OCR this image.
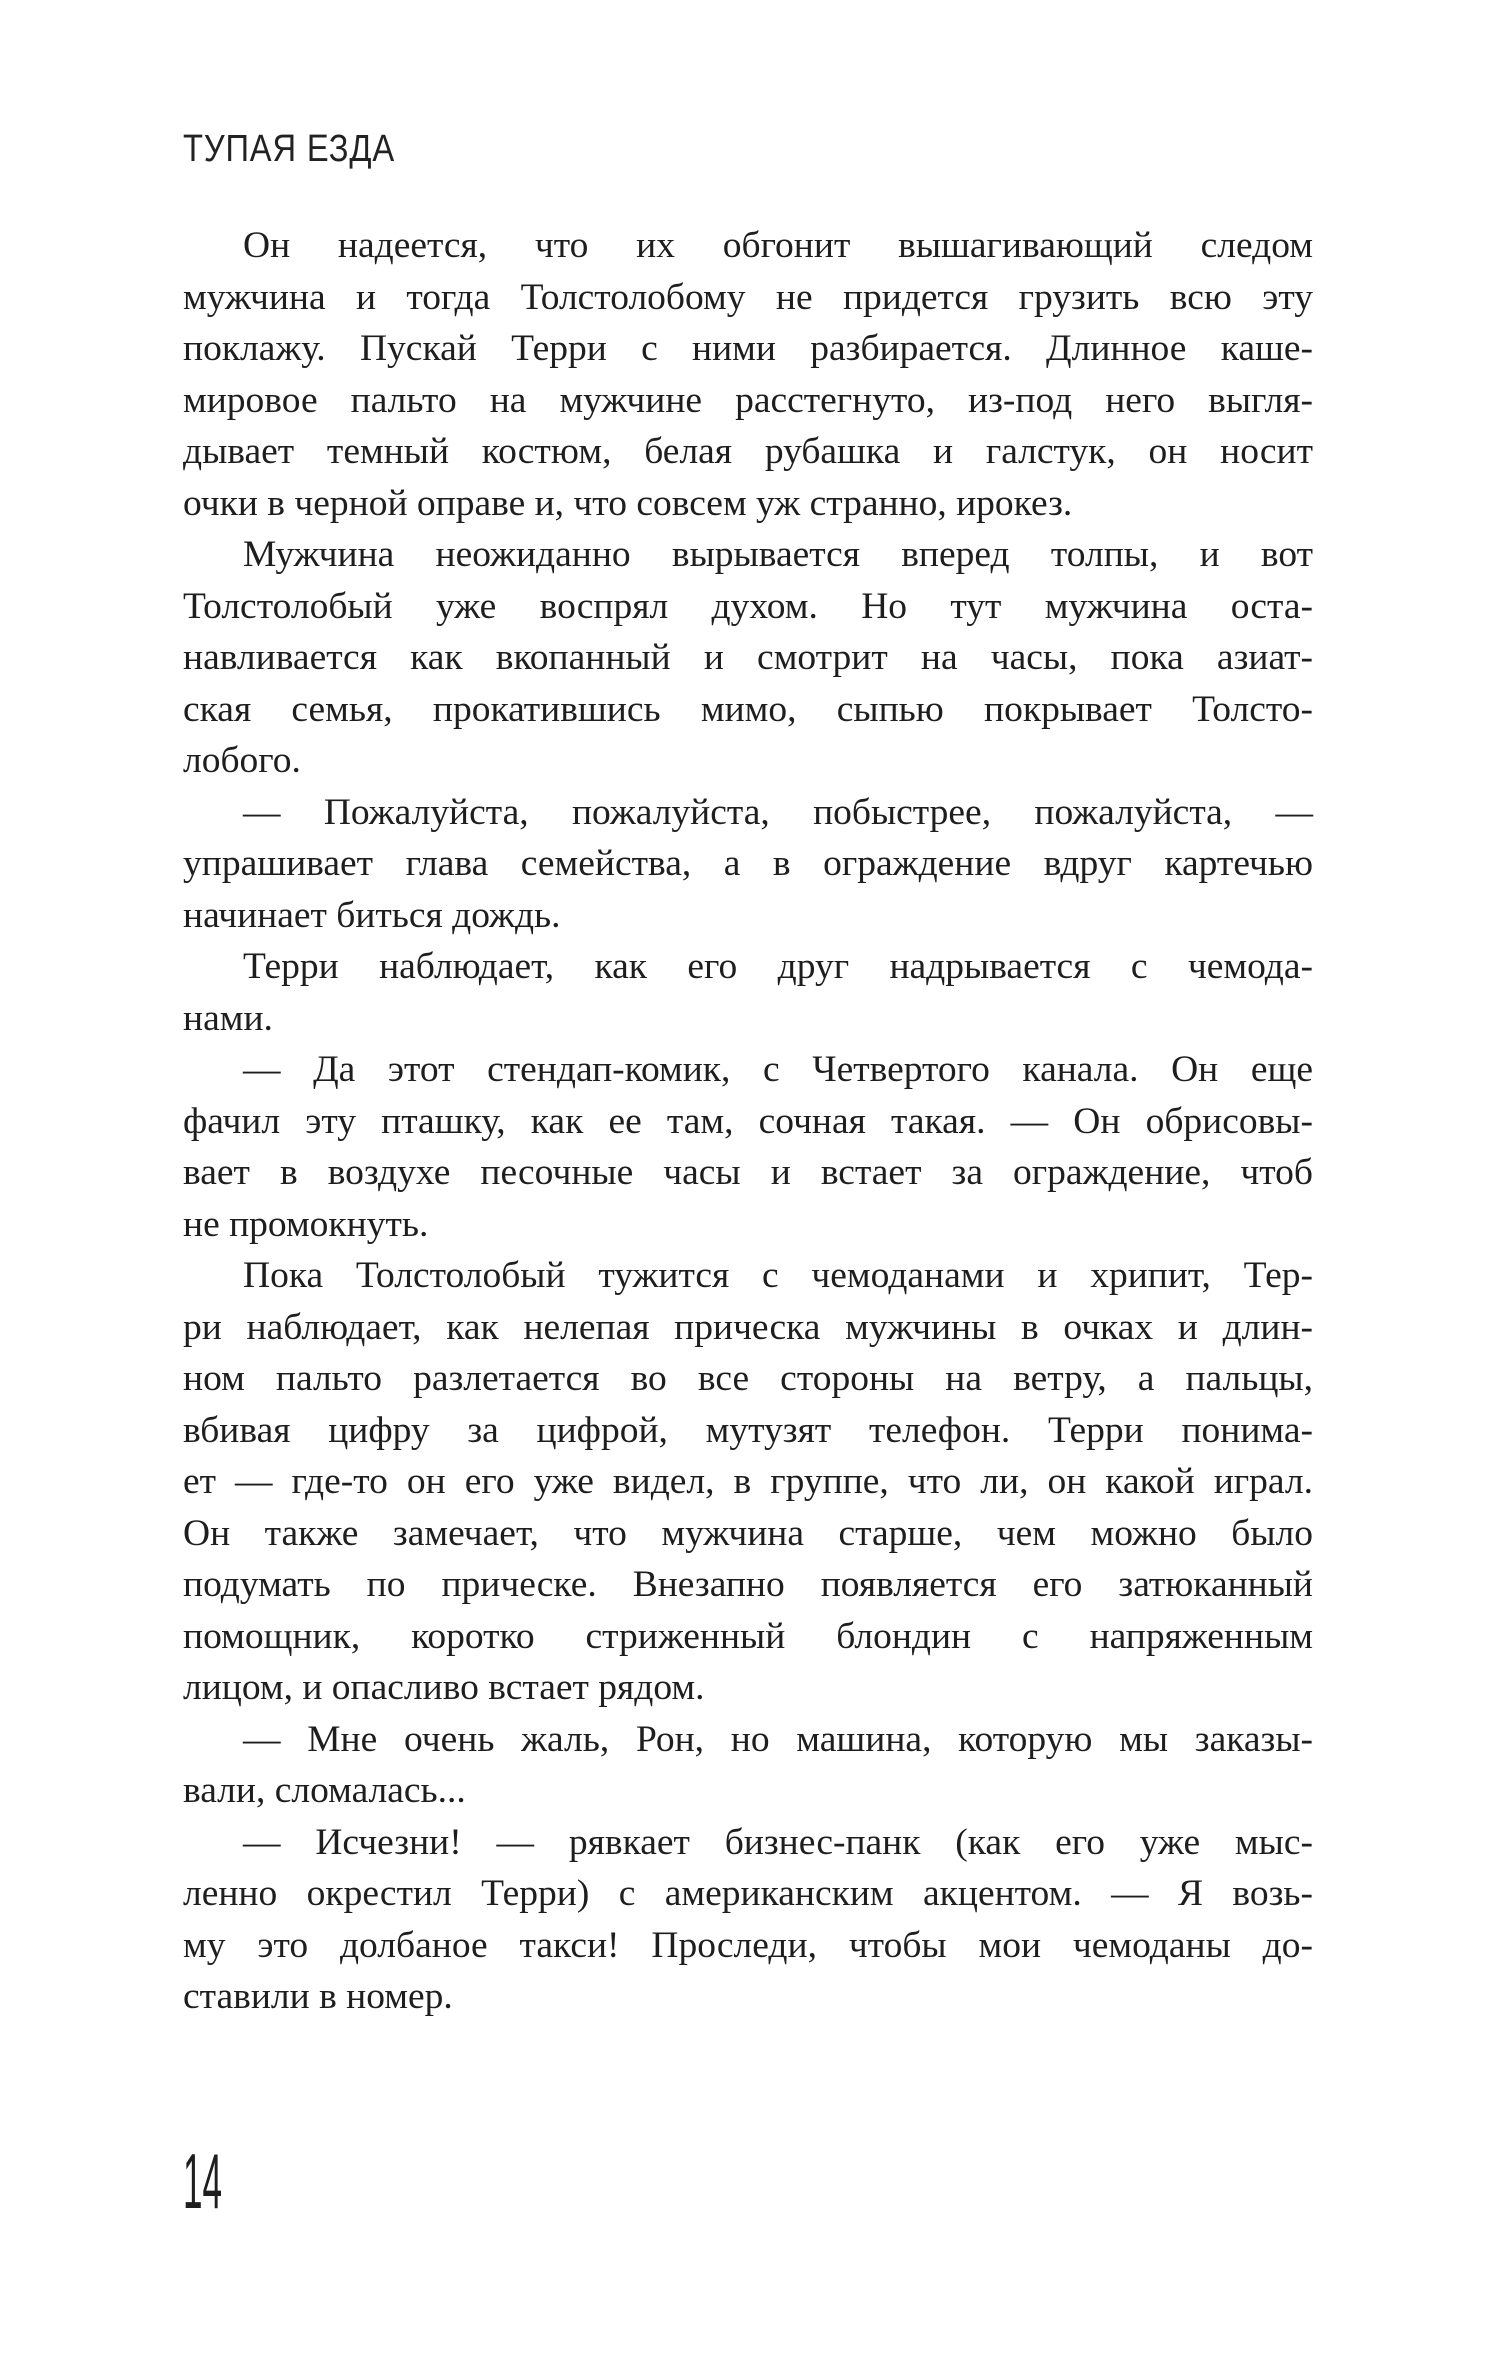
ТУПАЯ ЕЗДА
Он надеется, что их обгонит вышагивающий следом
мужчина и тогда Толстолобому не придется грузить всю эту
поклажу. Пускай Терри с ними разбирается. Длинное каше-
мировое пальто на мужчине расстегнуто, из-под него выгля-
дывает темный костюм, белая рубашка и галстук, он носит
очки в черной оправе и, что совсем уж странно, ирокез.
Мужчина неожиданно вырывается вперед толпы, и вот
Толстолобый уже воспрял духом. Но тут мужчина оста-
навливается как вкопанный и смотрит на часы, пока азиат-
ская семья, прокатившись мимо, сыпью покрывает Толсто-
лобого.
— Пожалуйста, пожалуйста, побыстрее, пожалуйста, —
упрашивает глава семейства, а в ограждение вдруг картечью
начинает биться дождь.
Терри наблюдает, как его друг надрывается с чемода-
нами.
— Да этот стендап-комик, с Четвертого канала. Он еще
фачил эту пташку, как ее там, сочная такая. — Он обрисовы-
вает в воздухе песочные часы и встает за ограждение, чтоб
не промокнуть.
Пока Толстолобый тужится с чемоданами и хрипит, Тер-
ри наблюдает, как нелепая прическа мужчины в очках и длин-
ном пальто разлетается во все стороны на ветру, а пальцы,
вбивая цифру за цифрой, мутузят телефон. Терри понима-
ет — где-то он его уже видел, в группе, что ли, он какой играл.
Он также замечает, что мужчина старше, чем можно было
подумать по прическе. Внезапно появляется его затюканный
помощник, коротко стриженный блондин с напряженным
лицом, и опасливо встает рядом.
— Мне очень жаль, Рон, но машина, которую мы заказы-
вали, сломалась...
— Исчезни! — рявкает бизнес-панк (как его уже мыс-
ленно окрестил Терри) с американским акцентом. — Я возь-
му это долбаное такси! Проследи, чтобы мои чемоданы до-
ставили в номер.
14
